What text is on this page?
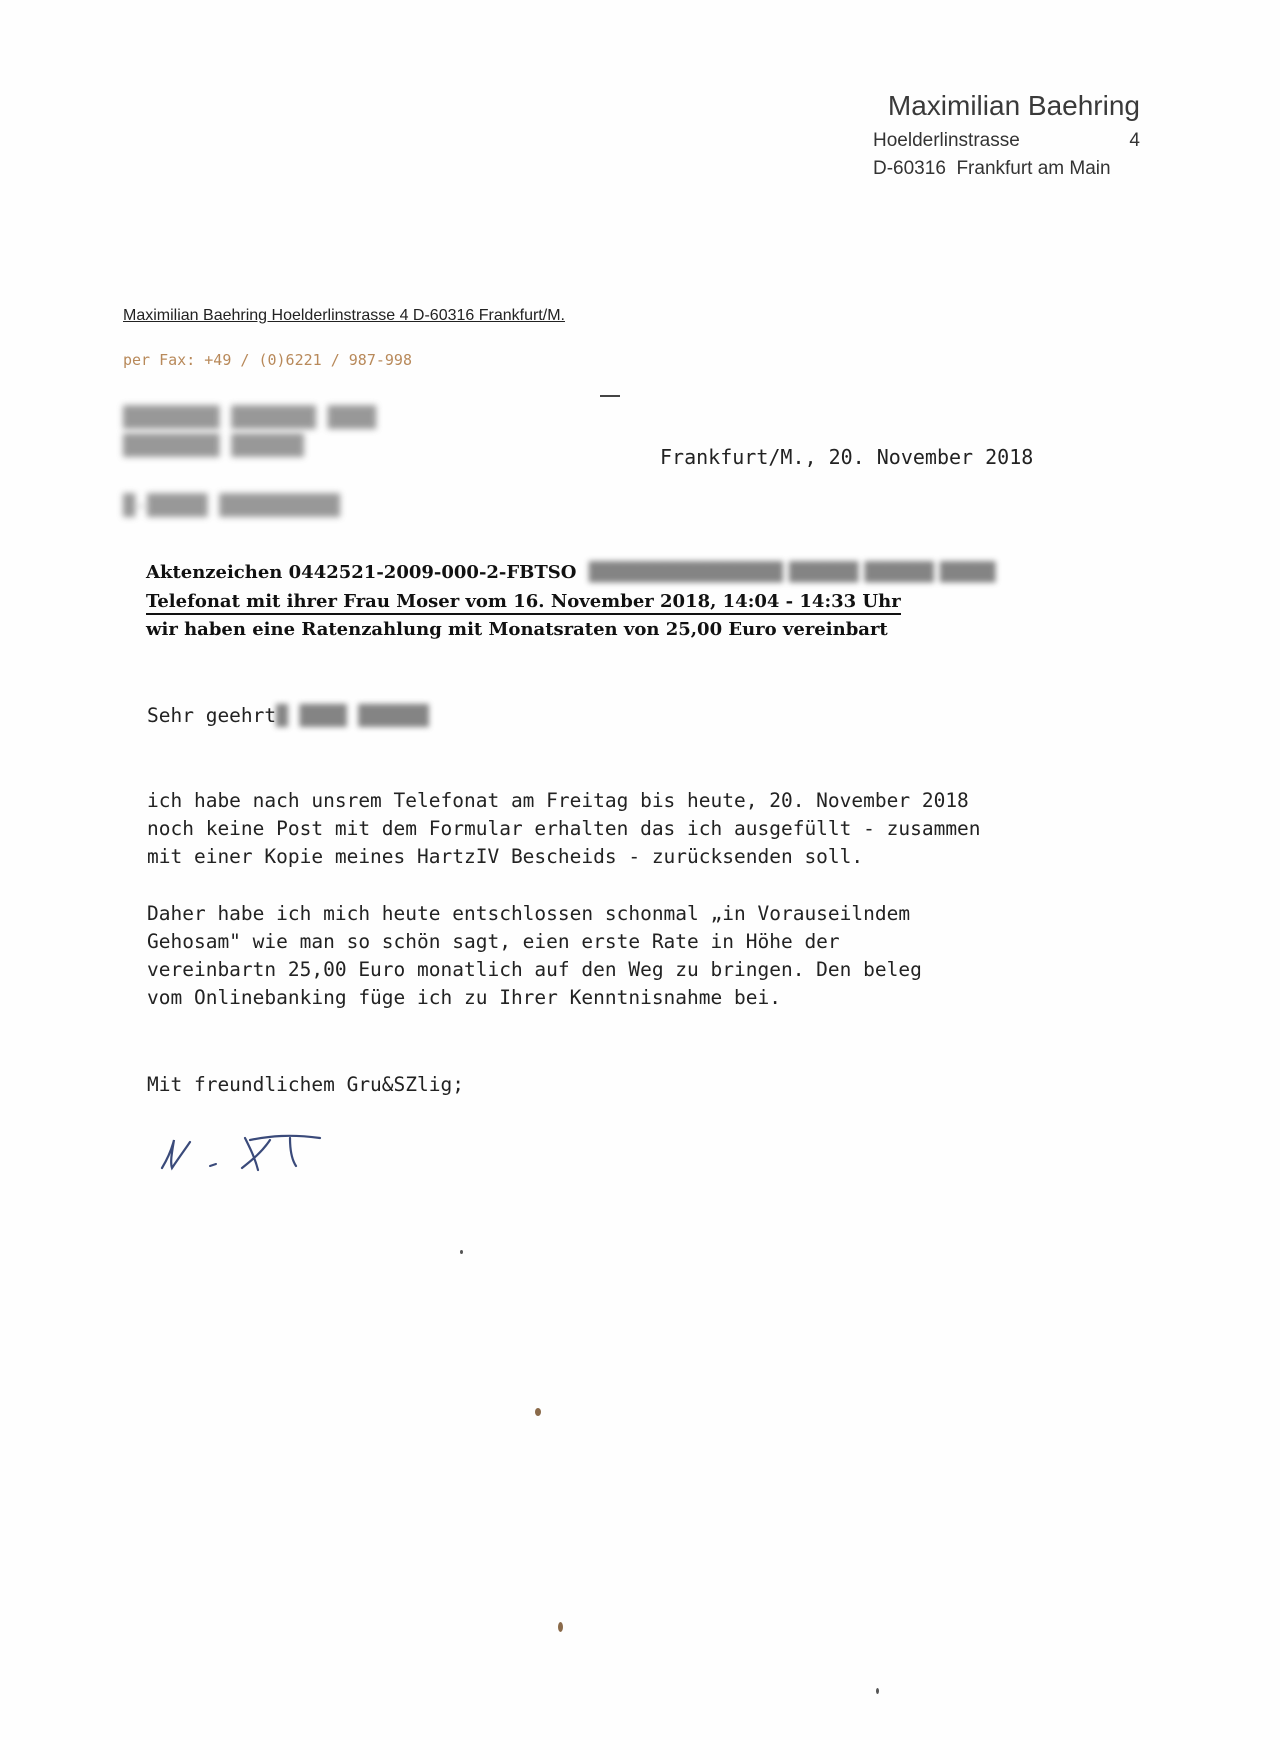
Maximilian Baehring
Hoelderlinstrasse	4
D-60316  Frankfurt am Main
Maximilian Baehring Hoelderlinstrasse 4 D-60316 Frankfurt/M.
per Fax: +49 / (0)6221 / 987-998
████████ ███████ ████
████████ ██████
█-█████ ██████████
Frankfurt/M., 20. November 2018
Aktenzeichen 0442521-2009-000-2-FBTSO  ██████████████ █████ █████ ████
Telefonat mit ihrer Frau Moser vom 16. November 2018, 14:04 - 14:33 Uhr
wir haben eine Ratenzahlung mit Monatsraten von 25,00 Euro vereinbart
Sehr geehrt█ ████ ██████
ich habe nach unsrem Telefonat am Freitag bis heute, 20. November 2018
noch keine Post mit dem Formular erhalten das ich ausgefüllt - zusammen
mit einer Kopie meines HartzIV Bescheids - zurücksenden soll.
Daher habe ich mich heute entschlossen schonmal „in Vorauseilndem
Gehosam" wie man so schön sagt, eien erste Rate in Höhe der
vereinbartn 25,00 Euro monatlich auf den Weg zu bringen. Den beleg
vom Onlinebanking füge ich zu Ihrer Kenntnisnahme bei.
Mit freundlichem Gru&SZlig;
